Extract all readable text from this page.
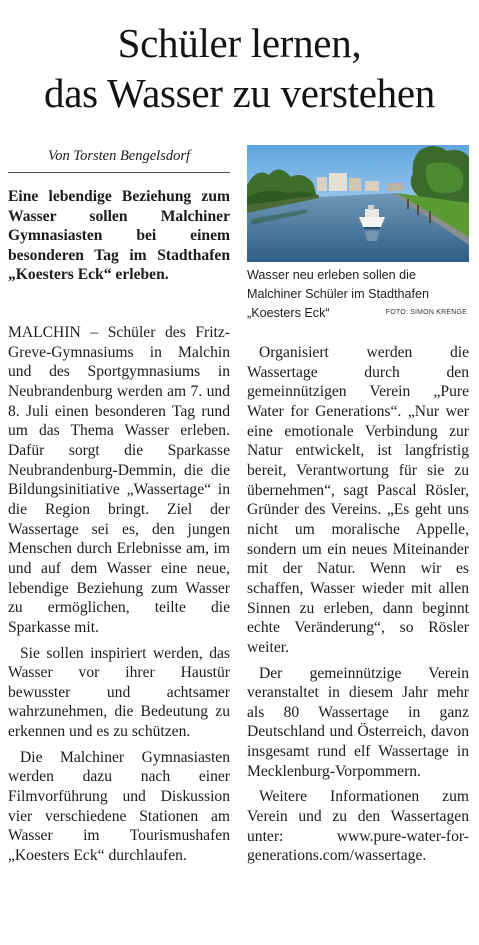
Schüler lernen,
das Wasser zu verstehen
Von Torsten Bengelsdorf
Eine lebendige Beziehung zum Wasser sollen Malchiner Gymnasiasten bei einem besonderen Tag im Stadthafen „Koesters Eck“ erleben.

MALCHIN – Schüler des Fritz-Greve-Gymnasiums in Malchin und des Sportgymnasiums in Neubrandenburg werden am 7. und 8. Juli einen besonderen Tag rund um das Thema Wasser erleben. Dafür sorgt die Sparkasse Neubrandenburg-Demmin, die die Bildungsinitiative „Wassertage“ in die Region bringt. Ziel der Wassertage sei es, den jungen Menschen durch Erlebnisse am, im und auf dem Wasser eine neue, lebendige Beziehung zum Wasser zu ermöglichen, teilte die Sparkasse mit.

Sie sollen inspiriert werden, das Wasser vor ihrer Haustür bewusster und achtsamer wahrzunehmen, die Bedeutung zu erkennen und es zu schützen.

Die Malchiner Gymnasiasten werden dazu nach einer Filmvorführung und Diskussion vier verschiedene Stationen am Wasser im Tourismushafen „Koesters Eck“ durchlaufen.

Wasser neu erleben sollen die
Malchiner Schüler im Stadthafen
„Koesters Eck“	FOTO: SIMON KRENGE

Organisiert werden die Wassertage durch den gemeinnützigen Verein „Pure Water for Generations“. „Nur wer eine emotionale Verbindung zur Natur entwickelt, ist langfristig bereit, Verantwortung für sie zu übernehmen“, sagt Pascal Rösler, Gründer des Vereins. „Es geht uns nicht um moralische Appelle, sondern um ein neues Miteinander mit der Natur. Wenn wir es schaffen, Wasser wieder mit allen Sinnen zu erleben, dann beginnt echte Veränderung“, so Rösler weiter.

Der gemeinnützige Verein veranstaltet in diesem Jahr mehr als 80 Wassertage in ganz Deutschland und Österreich, davon insgesamt rund elf Wassertage in Mecklenburg-Vorpommern.

Weitere Informationen zum Verein und zu den Wassertagen unter: www.pure-water-for-generations.com/wassertage.
